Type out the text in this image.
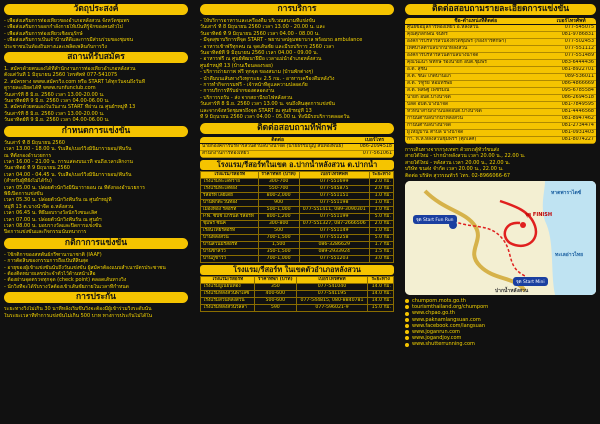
วัตถุประสงค์
- เพื่อส่งเสริมการท่องเที่ยวของอำเภอหลังสวน จังหวัดชุมพร
- เพื่อส่งเสริมการออกกำลังกายให้เป็นที่รู้จักของคนทั่วไป
- เพื่อส่งเสริมการท่องเที่ยวเชิงอนุรักษ์
- เพื่อส่งเสริมการเป็นเจ้าบ้านที่ดีและการมีส่วนร่วมของชุมชน
ประชาชนในท้องถิ่นทางและเพลิดเพลินกับการวิ่ง
สถานที่รับสมัคร
1. สมัครด้วยตนเองได้ที่สำนักงานการท่องเที่ยวอำเภอหลังสวน
ตั้งแต่วันที่ 1 มิถุนายน 2560 โทรศัพท์ 077-541075
2. สมัครทาง www.สมัครวิ่ง.com หรือ START ได้ทุกวันจนถึงวันที่
ดูรายละเอียดได้ที่ www.runfunclub.com
วันเสาร์ที่ 8 มิ.ย. 2560 เวลา 13.00-20.00 น.
วันอาทิตย์ที่ 9 มิ.ย. 2560 เวลา 04.00-06.00 น.
3. สมัครด้วยตนเองในวันงาน START ที่ผ่าน ณ ศูนย์ฯหมู่ที่ 13
วันเสาร์ที่ 8 มิ.ย. 2560 เวลา 13.00-20.00 น.
วันอาทิตย์ที่ 9 มิ.ย. 2560 เวลา 04.00-06.00 น.
กำหนดการแข่งขัน
วันเสาร์ ที่ 8 มิถุนายน 2560
เวลา 13.00 - 18.00 น. รับเสื้อ/เบอร์วิ่งมินิมาราธอน/ฟันรัน
ณ ที่ตั้งกองอำนวยการ
เวลา 16.00 - 21.00 น. การแสดงบนเวที จนถึงเวลาเลิกงาน
วันอาทิตย์ ที่ 9 มิถุนายน 2560
เวลา 04.00 - 04.45 น. รับเสื้อ/เบอร์วิ่งมินิมาราธอน/ฟันรัน
(สำหรับผู้ที่ยังไม่ได้รับ)
เวลา 05.00 น. ปล่อยตัวนักวิ่งมินิมาราธอน ณ ที่ตั้งกองอำนวยการ
พิธีเปิดการแข่งขัน
เวลา 05.30 น. ปล่อยตัวนักวิ่งฟันรัน ณ ศูนย์ฯหมู่ที่
หมู่ที่ 13 ต.บางน้ำจืด อ.หลังสวน
เวลา 06.45 น. พิธีมอบรางวัลนักวิ่งชนะเลิศ
เวลา 07.00 น. ปล่อยตัวนักวิ่งฟันรัน ณ ศูนย์ฯ
เวลา 08.00 น. มอบรางวัลและปิดการแข่งขัน
ปิดการแข่งขันและกิจกรรมนันทนาการ
กติกาการแข่งขัน
- ใช้กติกาของสหพันธ์กรีฑานานาชาติ (IAAF)
- การตัดสินของกรรมการถือเป็นที่สิ้นสุด
- อายุของผู้เข้าแข่งขันนับถึงวันแข่งขัน ผู้สมัครต้องแนบสำเนาบัตรประชาชน
- ต้องติดหมายเลขประจำตัวไว้ด้านหน้าเสื้อ
- ต้องผ่านจุดตรวจทุกจุด (check point) ตลอดเส้นทางวิ่ง
- นักวิ่งที่จะได้รับรางวัลต้องเข้าเส้นชัยภายในเวลาที่กำหนด
การประกัน
ระยะทางวิ่งไม่เกิน 30 นาทีหลังเริ่มขึ้นวิ่งจะต้องมีผู้เข้าร่วมวิ่งระดับนั้น
ในระยะเวลาที่ทำการแข่งขันไม่เกิน 500 บาท ทางการประกันไม่ได้ใน
การบริการ
- ให้บริการอาหารและเครื่องดื่ม บริเวณสนามที่แข่งขัน
วันเสาร์ ที่ 8 มิถุนายน 2560 เวลา 13.00 - 20.00 น. และ
วันอาทิตย์ ที่ 9 มิถุนายน 2560 เวลา 04.00 - 08.00 น.
- มีจุดสุขาบริการที่จุด START - พยาบาลปฐมพยาบาล พร้อมรถ ambulance
- อาหารเช้าฟรีทุกคน ณ จุดเส้นชัย และมีรถบริการ 2560 เวลา
วันอาทิตย์ที่ 9 มิถุนายน 2560 เวลา 04.00 - 09.00 น.
- อาหารฟรี ณ ศูนย์พัฒนาฝีมือ เวลาแม่นำอำเภอหลังสวน
ศูนย์ฯหมู่ที่ 13 (บ้านเรือนลองรอย)
- บริการถ่ายภาพ ฟรี ทุกจุด ของสนาม (บ้านพักต่างๆ)
- น้ำดื่มบนเส้นทางวิ่งทุกระยะ 2.5 กม. - อาหารเครื่องดื่มหลังวิ่ง
- การทำกิจกรรมฟรี - เจ้าหน้าที่ดูแลความปลอดภัย
- การบริการที่รับฝากของตลอดงาน
- บริการรถรับ - ส่ง จากสถานีรถไฟหลังสวน
วันเสาร์ที่ 8 มิ.ย. 2560 เวลา 13.00 น. จนถึงสิ้นสุดการแข่งขัน
และจากจังหวัดชุมพรถึงจุด START ณ ศูนย์ฯหมู่ที่ 13
ที่ 9 มิถุนายน 2560 เวลา 04.00 - 05.00 น. ทั้งนี้มีรถบริการตลอดวัน
ติดต่อสอบถามที่พักฟรี
ติดต่อ	เบอร์โทร
นายกองค์การบริหารส่วนตำบลบางน้ำจืด (นายธรรมนูญ สินทองพันธ์)	086-2094518
สำนักงานการท่องเที่ยว	077-561061
โรงแรม/รีสอร์ทในเขต อ.ปากน้ำหลังสวน ต.ปากน้ำ
โรงแรม/รีสอร์ท	ราคาที่พัก (บาท)	เบอร์โทรศัพท์	ระยะทาง
โรงแรมทะเลทราย	300-700	077-551699	2.0 กม.
โรงแรมทะเลทอง	550-700	077-545875	2.0 กม.
รีสอร์ท เลย์เดย์	800-2,000	077-551151	1.0 กม.
บ้านพักตะวันทอง	900	077-551198	1.0 กม.
เมืองทอง รีสอร์ท	500-1,000	077-551411, 089-3090301	1.0 กม.
P.N. ซีบีช แกรนด์ รีสอร์ท	800-1,200	077-551199	5.0 กม.
ชุมพร ซีนิค	300-800	077-551327, 087-2666506	2.0 กม.
เรือนไทยรีสอร์ท	500	077-551149	1.0 กม.
บ้านหลังสวน	700-1,500	077-551258	5.0 กม.
บ้านสวนมีรีสอร์ท	1,500	086-3286629	1.7 กม.
บ้านชาลีวิว	350-1,500	089-2933924	1.5 กม.
บ้านภูชาวิว	700-1,000	077-551203	3.0 กม.
โรงแรม/รีสอร์ท ในเขตตัวอำเภอหลังสวน
โรงแรม/รีสอร์ท	ราคาที่พัก (บาท)	เบอร์โทรศัพท์	ระยะทาง
โรงแรมยูเนียนทอง	350	077-541040	14.0 กม.
โรงแรมหลังสวนพาเลซ	400-600	077-541195	14.0 กม.
โรงแรมสวนหลังสวน	500-600	077-544815, 080-8840781	14.0 กม.
โรงแรมหลังสวนวิลล่า	590	077-596021-9	15.0 กม.
ติดต่อสอบถามรายละเอียดการแข่งขัน
ชื่อ-ตำแหน่งที่ติดต่อ	เบอร์โทรศัพท์
ศูนย์ข้อมูลการท่องเที่ยว อ.หลังสวน	077-545075
คุณศุภลักษณ์ จันทร์	081-9786831
องค์การบริหารส่วนจังหวัดชุมพร (กองการศึกษา)	077-502453
เทศบาลตำบลปากน้ำหลังสวน	077-551112
องค์การบริหารส่วนตำบลบางน้ำจืด	077-551489
คุณวัฒนา พิทักษ์ รองนายก อบต.ชุมพร	083-6444436
อ.ต. สุชิน	081-8922701
ส.ต. ชนะ เกิดบ้านแก่	089-536011
ส.ต. วิฑูรย์ หอมทรัพย์	086-4866669
ส.ต. พิสิษฐ์ เพชรมณี	095-6785584
นายก อบต.บางน้ำจืด	086-2694518
ปลัด อบต.บางน้ำจืด	081-7849595
หัวหน้าสำนักงานปลัดอบต.บางน้ำจืด	081-4446568
กำนันตำบลปากน้ำหลังสวน	081-8947462
กำนันตำบลบางน้ำจืด	081-2734474
ผู้ใหญ่บ้าน ตำบล บางน้ำจืด	081-0931403
กำ. ห.ห.หลังสวนชุมพรฯ (ศุภเลศ)	081-8074227
การเดินทางจากกรุงเทพฯ ด้วยรถตู้ทัวร์ขนส่ง
สายใต้ใหม่ - ปากน้ำหลังสวน เวลา 20.00 น., 22.00 น.
สายใต้ใหม่ - หลังสวน เวลา 20.00 น., 22.00 น.
บริษัท ขนส่ง จำกัด เวลา 20.00 น., 22.00 น.
ติดต่อ บริษัท สุวรรณทัวร์ โทร. 02-8966066-67
จุด Start Fun Run
จุด FINISH
หาดพาราไดซ์
ทะเลอ่าวไทย
จุด Start Mini
ปากน้ำหลังสวน
chumporn.mots.go.th
tourismthailand.org/chumporn
www.chpao.go.th
www.paknamlangsuan.com
www.facebook.com/langsuan
www.joganrun.com
www.jogandjoy.com
www.shutterrunning.com
